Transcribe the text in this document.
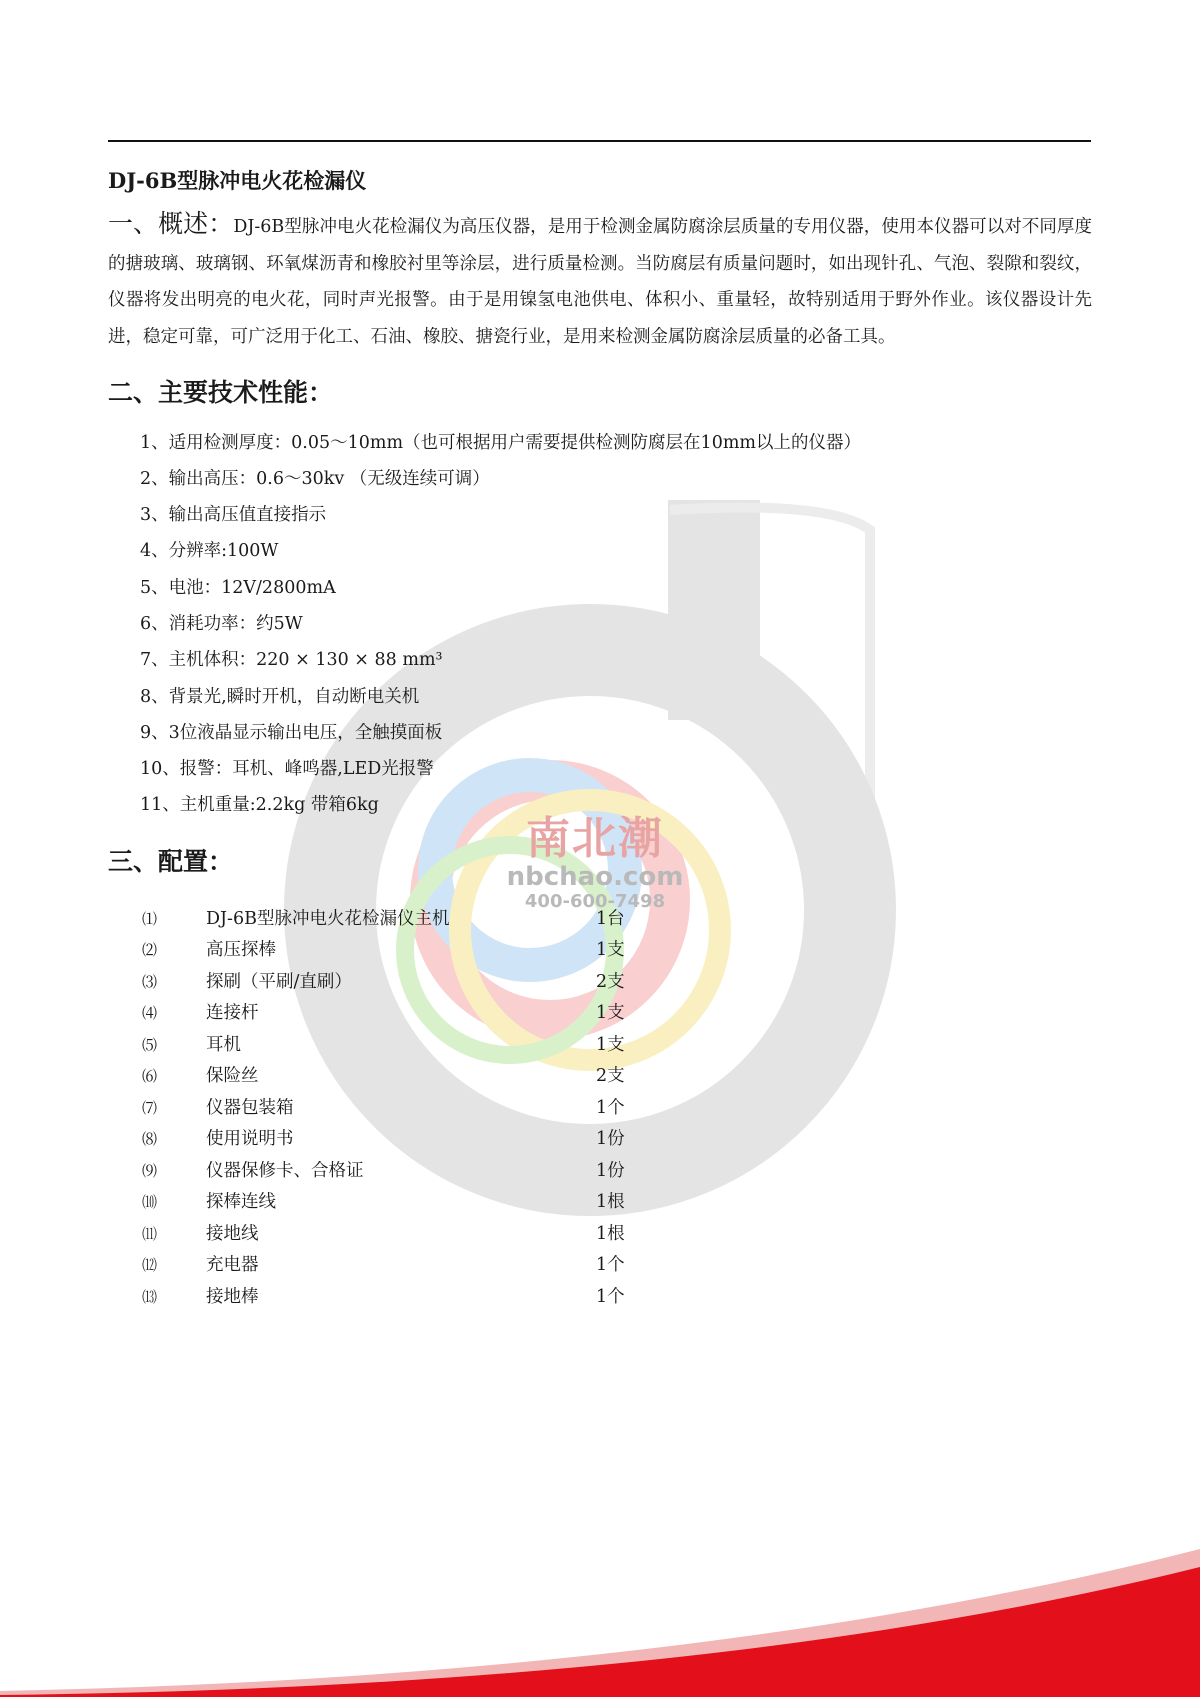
南北潮
nbchao.com
400-600-7498
DJ-6B型脉冲电火花检漏仪

一、概述：DJ-6B型脉冲电火花检漏仪为高压仪器，是用于检测金属防腐涂层质量的专用仪器，使用本仪器可以对不同厚度的搪玻璃、玻璃钢、环氧煤沥青和橡胶衬里等涂层，进行质量检测。当防腐层有质量问题时，如出现针孔、气泡、裂隙和裂纹，仪器将发出明亮的电火花，同时声光报警。由于是用镍氢电池供电、体积小、重量轻，故特别适用于野外作业。该仪器设计先进，稳定可靠，可广泛用于化工、石油、橡胶、搪瓷行业，是用来检测金属防腐涂层质量的必备工具。

二、主要技术性能：
1、适用检测厚度：0.05～10mm（也可根据用户需要提供检测防腐层在10mm以上的仪器）
2、输出高压：0.6～30kv （无级连续可调）
3、输出高压值直接指示
4、分辨率:100W
5、电池：12V/2800mA
6、消耗功率：约5W
7、主机体积：220 × 130 × 88 mm³
8、背景光,瞬时开机，自动断电关机
9、3位液晶显示输出电压，全触摸面板
10、报警：耳机、峰鸣器,LED光报警
11、主机重量:2.2kg 带箱6kg
三、配置：
⑴	DJ-6B型脉冲电火花检漏仪主机	1台
⑵	高压探棒	1支
⑶	探刷（平刷/直刷）	2支
⑷	连接杆	1支
⑸	耳机	1支
⑹	保险丝	2支
⑺	仪器包装箱	1个
⑻	使用说明书	1份
⑼	仪器保修卡、合格证	1份
⑽	探棒连线	1根
⑾	接地线	1根
⑿	充电器	1个
⒀	接地棒	1个
